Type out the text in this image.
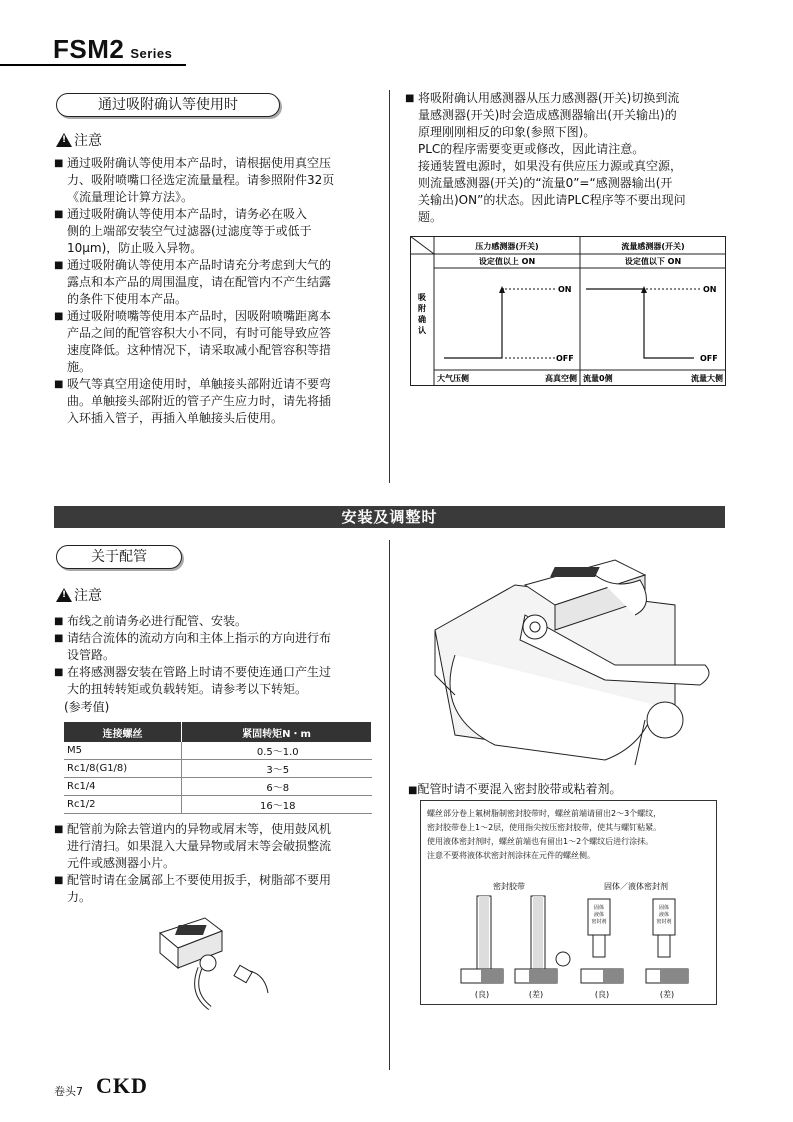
FSM2 Series
通过吸附确认等使用时
!
注意
■ 通过吸附确认等使用本产品时，请根据使用真空压
力、吸附喷嘴口径选定流量量程。请参照附件32页
《流量理论计算方法》。
■ 通过吸附确认等使用本产品时，请务必在吸入
侧的上端部安装空气过滤器(过滤度等于或低于
10μm)，防止吸入异物。
■ 通过吸附确认等使用本产品时请充分考虑到大气的
露点和本产品的周围温度，请在配管内不产生结露
的条件下使用本产品。
■ 通过吸附喷嘴等使用本产品时，因吸附喷嘴距离本
产品之间的配管容积大小不同，有时可能导致应答
速度降低。这种情况下，请采取减小配管容积等措
施。
■ 吸气等真空用途使用时，单触接头部附近请不要弯
曲。单触接头部附近的管子产生应力时，请先将插
入环插入管子，再插入单触接头后使用。
■ 将吸附确认用感测器从压力感测器(开关)切换到流
量感测器(开关)时会造成感测器输出(开关输出)的
原理刚刚相反的印象(参照下图)。
PLC的程序需要变更或修改，因此请注意。
接通装置电源时，如果没有供应压力源或真空源，
则流量感测器(开关)的“流量0”=“感测器输出(开
关输出)ON”的状态。因此请PLC程序等不要出现问
题。
压力感测器(开关)	流量感测器(开关)
设定值以上 ON	设定值以下 ON
吸附确认
ON
OFF
ON
OFF
大气压侧	高真空侧 流量0侧	流量大侧
安装及调整时
关于配管
!
注意
■ 布线之前请务必进行配管、安装。
■ 请结合流体的流动方向和主体上指示的方向进行布
设管路。
■ 在将感测器安装在管路上时请不要使连通口产生过
大的扭转转矩或负载转矩。请参考以下转矩。
(参考值)
连接螺丝	紧固转矩N・m
M5	0.5～1.0
Rc1/8(G1/8)	3～5
Rc1/4	6～8
Rc1/2	16～18
■ 配管前为除去管道内的异物或屑末等，使用鼓风机
进行清扫。如果混入大量异物或屑末等会破损整流
元件或感测器小片。
■ 配管时请在金属部上不要使用扳手，树脂部不要用
力。
■配管时请不要混入密封胶带或粘着剂。
螺丝部分卷上氟树脂制密封胶带时，螺丝前端请留出2～3个螺纹，
密封胶带卷上1～2层，使用指尖按压密封胶带，使其与螺钉粘紧。
使用液体密封剂时，螺丝前端也有留出1～2个螺纹后进行涂抹。
注意不要将液体状密封剂涂抹在元件的螺丝侧。
密封胶带	固体／液体密封剂
固体液体密封剂
固体液体密封剂
(良)	(差)	(良)	(差)
卷头7 CKD
